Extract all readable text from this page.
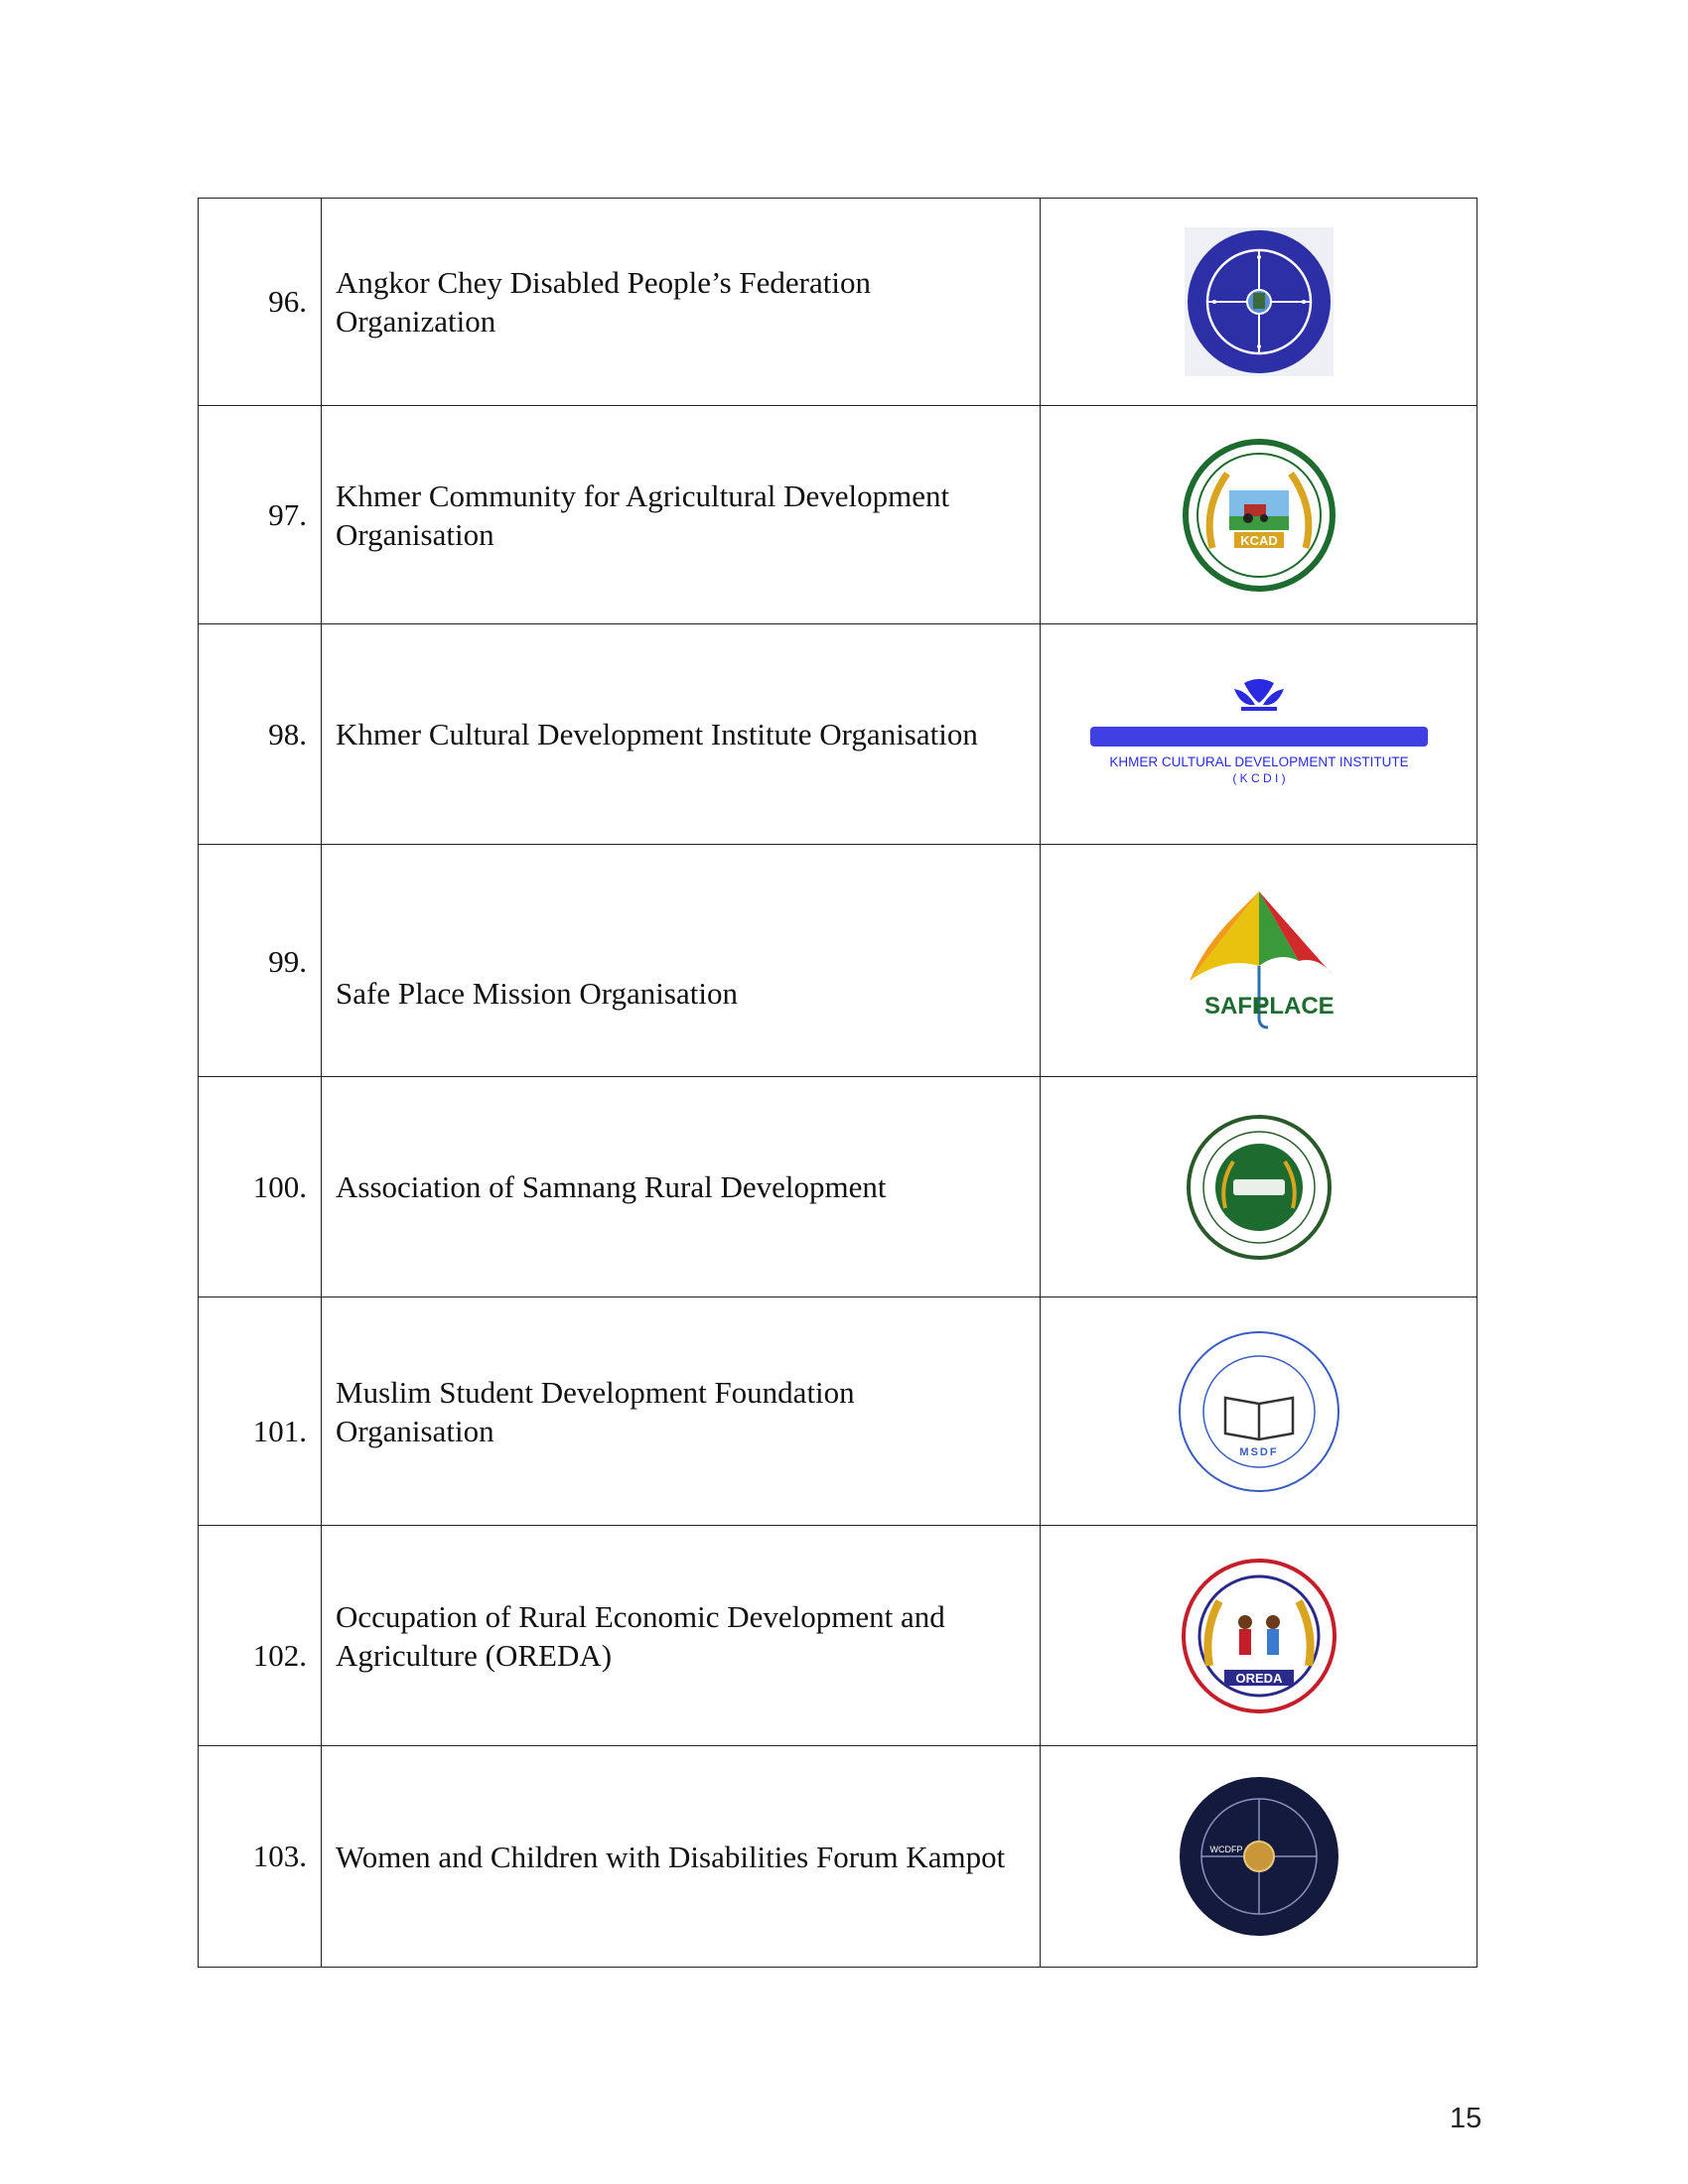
96.	Angkor Chey Disabled People’s Federation Organization	

97.	Khmer Community for Agricultural Development Organisation	KCAD

98.	Khmer Cultural Development Institute Organisation	KHMER CULTURAL DEVELOPMENT INSTITUTE
( K C D I )

99.	Safe Place Mission Organisation	SAFE
PLACE

100.	Association of Samnang Rural Development	

101.	Muslim Student Development Foundation Organisation	MSDF

102.	Occupation of Rural Economic Development and Agriculture (OREDA)	OREDA

103.	Women and Children with Disabilities Forum Kampot	WCDFP
15
